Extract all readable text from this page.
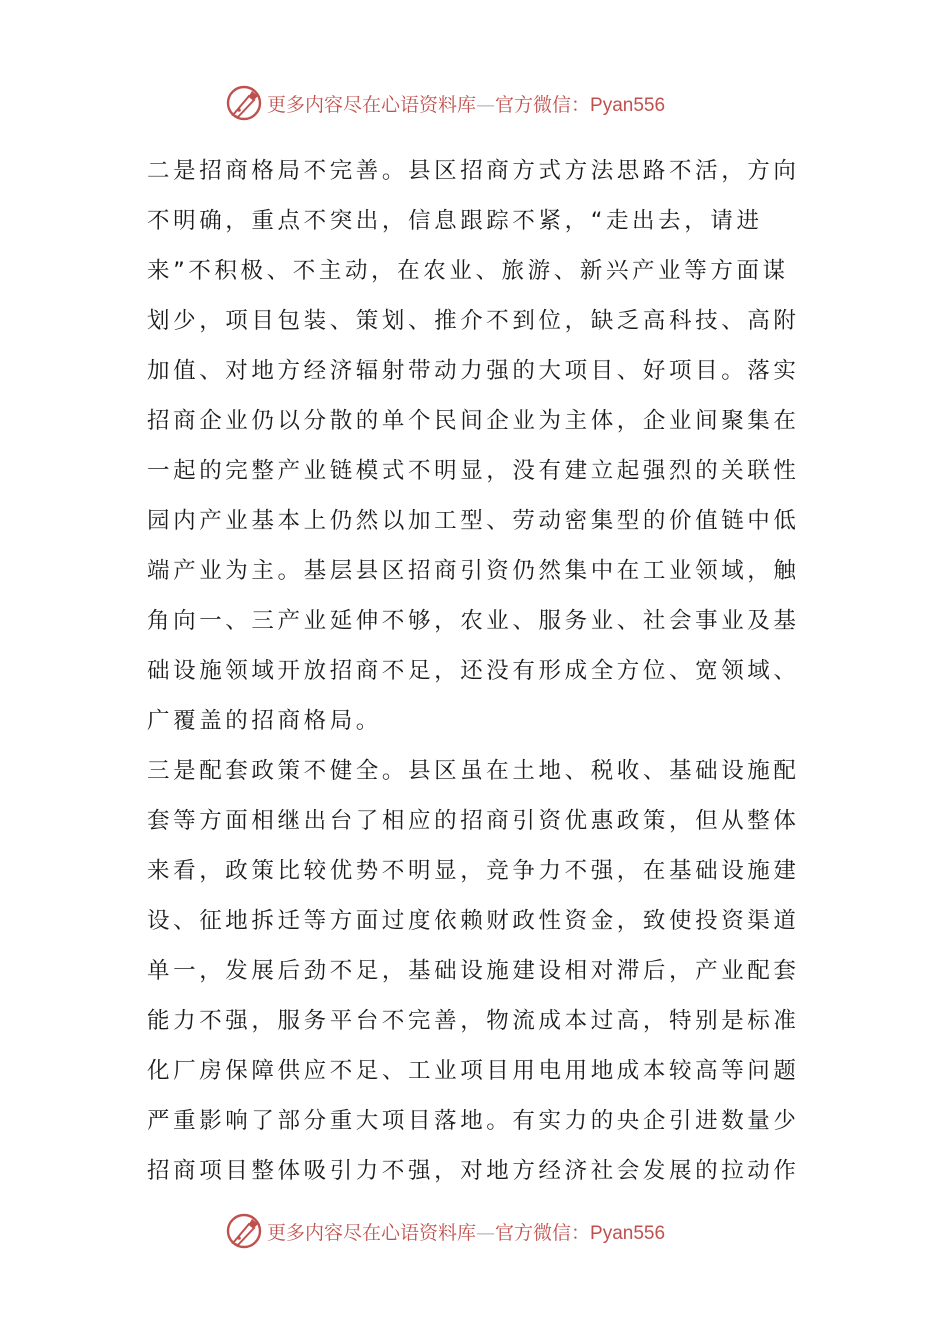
更多内容尽在心语资料库—官方微信：Pyan556
二是招商格局不完善。县区招商方式方法思路不活，方向
不明确，重点不突出，信息跟踪不紧，“走出去，请进
来”不积极、不主动，在农业、旅游、新兴产业等方面谋
划少，项目包装、策划、推介不到位，缺乏高科技、高附
加值、对地方经济辐射带动力强的大项目、好项目。落实
招商企业仍以分散的单个民间企业为主体，企业间聚集在
一起的完整产业链模式不明显，没有建立起强烈的关联性
园内产业基本上仍然以加工型、劳动密集型的价值链中低
端产业为主。基层县区招商引资仍然集中在工业领域，触
角向一、三产业延伸不够，农业、服务业、社会事业及基
础设施领域开放招商不足，还没有形成全方位、宽领域、
广覆盖的招商格局。
三是配套政策不健全。县区虽在土地、税收、基础设施配
套等方面相继出台了相应的招商引资优惠政策，但从整体
来看，政策比较优势不明显，竞争力不强，在基础设施建
设、征地拆迁等方面过度依赖财政性资金，致使投资渠道
单一，发展后劲不足，基础设施建设相对滞后，产业配套
能力不强，服务平台不完善，物流成本过高，特别是标准
化厂房保障供应不足、工业项目用电用地成本较高等问题
严重影响了部分重大项目落地。有实力的央企引进数量少
招商项目整体吸引力不强，对地方经济社会发展的拉动作
更多内容尽在心语资料库—官方微信：Pyan556
